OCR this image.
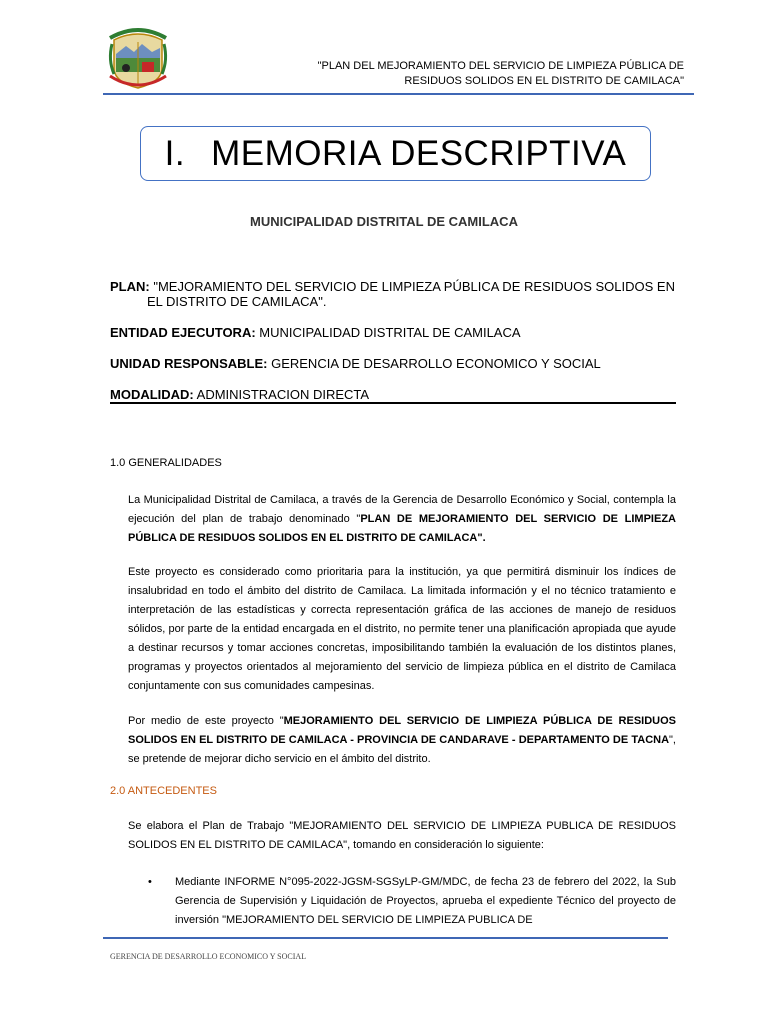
"PLAN DEL MEJORAMIENTO DEL SERVICIO DE LIMPIEZA PÚBLICA DE
RESIDUOS SOLIDOS EN EL DISTRITO DE CAMILACA"
I. MEMORIA DESCRIPTIVA
MUNICIPALIDAD DISTRITAL DE CAMILACA
PLAN: "MEJORAMIENTO DEL SERVICIO DE LIMPIEZA PÚBLICA DE RESIDUOS SOLIDOS EN
EL DISTRITO DE CAMILACA".
ENTIDAD EJECUTORA: MUNICIPALIDAD DISTRITAL DE CAMILACA
UNIDAD RESPONSABLE: GERENCIA DE DESARROLLO ECONOMICO Y SOCIAL
MODALIDAD: ADMINISTRACION DIRECTA
1.0 GENERALIDADES
La Municipalidad Distrital de Camilaca, a través de la Gerencia de Desarrollo Económico y Social, contempla la ejecución del plan de trabajo denominado "PLAN DE MEJORAMIENTO DEL SERVICIO DE LIMPIEZA PÚBLICA DE RESIDUOS SOLIDOS EN EL DISTRITO DE CAMILACA".
Este proyecto es considerado como prioritaria para la institución, ya que permitirá disminuir los índices de insalubridad en todo el ámbito del distrito de Camilaca. La limitada información y el no técnico tratamiento e interpretación de las estadísticas y correcta representación gráfica de las acciones de manejo de residuos sólidos, por parte de la entidad encargada en el distrito, no permite tener una planificación apropiada que ayude a destinar recursos y tomar acciones concretas, imposibilitando también la evaluación de los distintos planes, programas y proyectos orientados al mejoramiento del servicio de limpieza pública en el distrito de Camilaca conjuntamente con sus comunidades campesinas.
Por medio de este proyecto "MEJORAMIENTO DEL SERVICIO DE LIMPIEZA PÚBLICA DE RESIDUOS SOLIDOS EN EL DISTRITO DE CAMILACA - PROVINCIA DE CANDARAVE - DEPARTAMENTO DE TACNA", se pretende de mejorar dicho servicio en el ámbito del distrito.
2.0 ANTECEDENTES
Se elabora el Plan de Trabajo "MEJORAMIENTO DEL SERVICIO DE LIMPIEZA PUBLICA DE RESIDUOS SOLIDOS EN EL DISTRITO DE CAMILACA", tomando en consideración lo siguiente:
• Mediante INFORME N°095-2022-JGSM-SGSyLP-GM/MDC, de fecha 23 de febrero del 2022, la Sub Gerencia de Supervisión y Liquidación de Proyectos, aprueba el expediente Técnico del proyecto de inversión "MEJORAMIENTO DEL SERVICIO DE LIMPIEZA PUBLICA DE
GERENCIA DE DESARROLLO ECONOMICO Y SOCIAL
